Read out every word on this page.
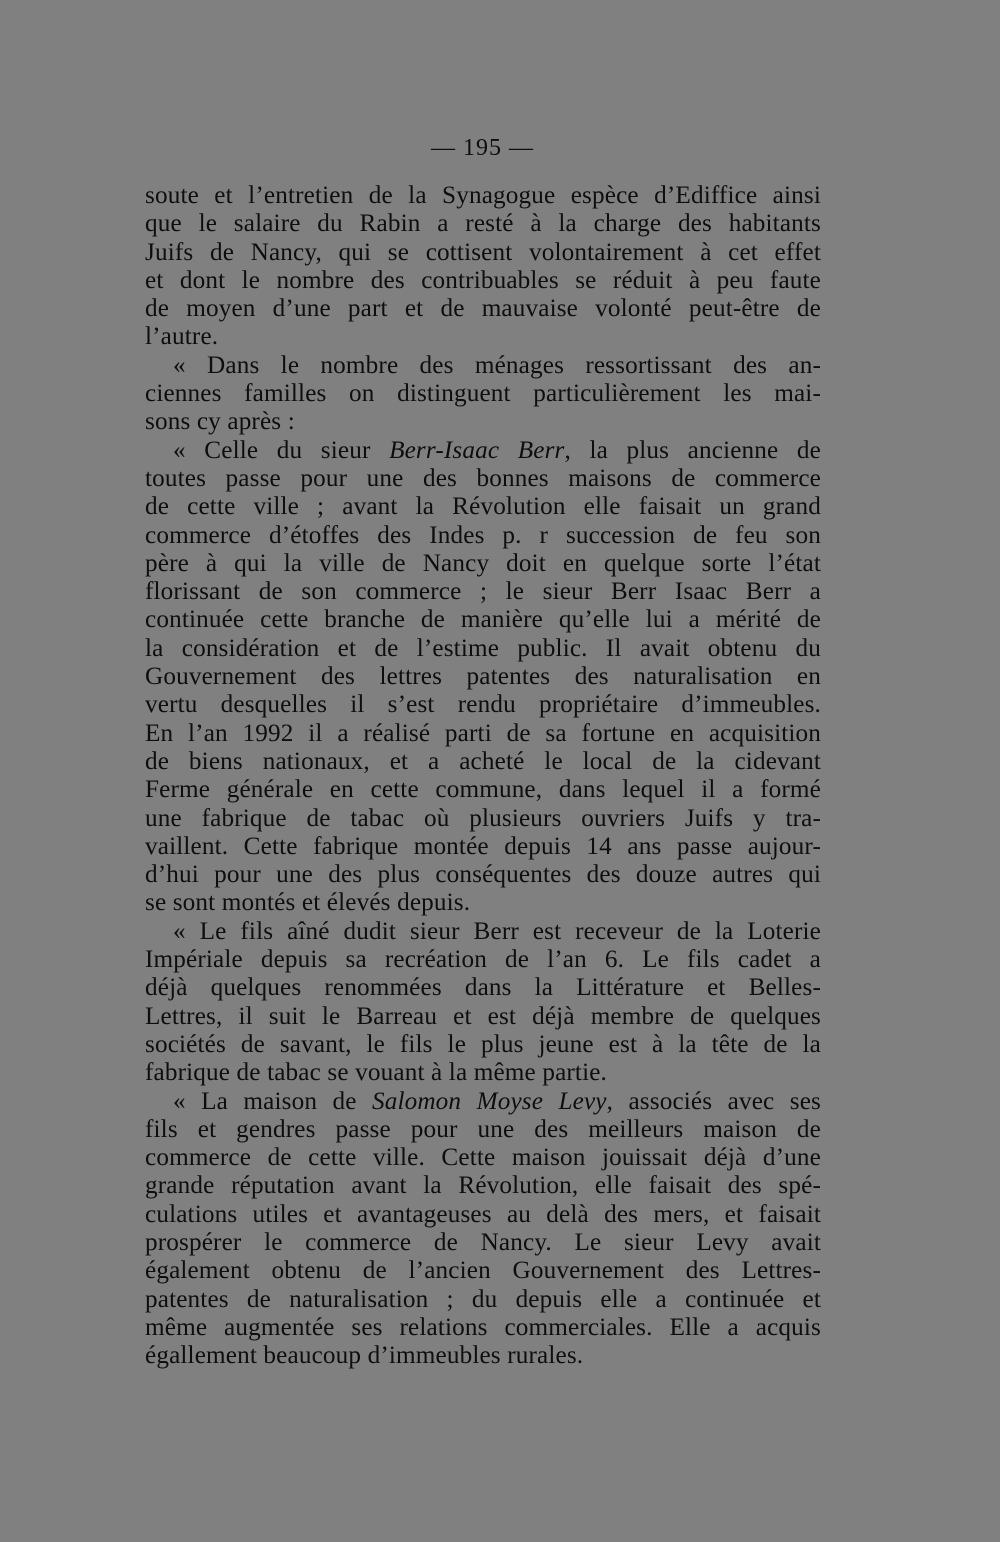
— 195 —
soute et l’entretien de la Synagogue espèce d’Ediffice ainsi
que le salaire du Rabin a resté à la charge des habitants
Juifs de Nancy, qui se cottisent volontairement à cet effet
et dont le nombre des contribuables se réduit à peu faute
de moyen d’une part et de mauvaise volonté peut-être de
l’autre.
« Dans le nombre des ménages ressortissant des an-
ciennes familles on distinguent particulièrement les mai-
sons cy après :
« Celle du sieur Berr-Isaac Berr, la plus ancienne de
toutes passe pour une des bonnes maisons de commerce
de cette ville ; avant la Révolution elle faisait un grand
commerce d’étoffes des Indes p. r succession de feu son
père à qui la ville de Nancy doit en quelque sorte l’état
florissant de son commerce ; le sieur Berr Isaac Berr a
continuée cette branche de manière qu’elle lui a mérité de
la considération et de l’estime public. Il avait obtenu du
Gouvernement des lettres patentes des naturalisation en
vertu desquelles il s’est rendu propriétaire d’immeubles.
En l’an 1992 il a réalisé parti de sa fortune en acquisition
de biens nationaux, et a acheté le local de la cidevant
Ferme générale en cette commune, dans lequel il a formé
une fabrique de tabac où plusieurs ouvriers Juifs y tra-
vaillent. Cette fabrique montée depuis 14 ans passe aujour-
d’hui pour une des plus conséquentes des douze autres qui
se sont montés et élevés depuis.
« Le fils aîné dudit sieur Berr est receveur de la Loterie
Impériale depuis sa recréation de l’an 6. Le fils cadet a
déjà quelques renommées dans la Littérature et Belles-
Lettres, il suit le Barreau et est déjà membre de quelques
sociétés de savant, le fils le plus jeune est à la tête de la
fabrique de tabac se vouant à la même partie.
« La maison de Salomon Moyse Levy, associés avec ses
fils et gendres passe pour une des meilleurs maison de
commerce de cette ville. Cette maison jouissait déjà d’une
grande réputation avant la Révolution, elle faisait des spé-
culations utiles et avantageuses au delà des mers, et faisait
prospérer le commerce de Nancy. Le sieur Levy avait
également obtenu de l’ancien Gouvernement des Lettres-
patentes de naturalisation ; du depuis elle a continuée et
même augmentée ses relations commerciales. Elle a acquis
égallement beaucoup d’immeubles rurales.
